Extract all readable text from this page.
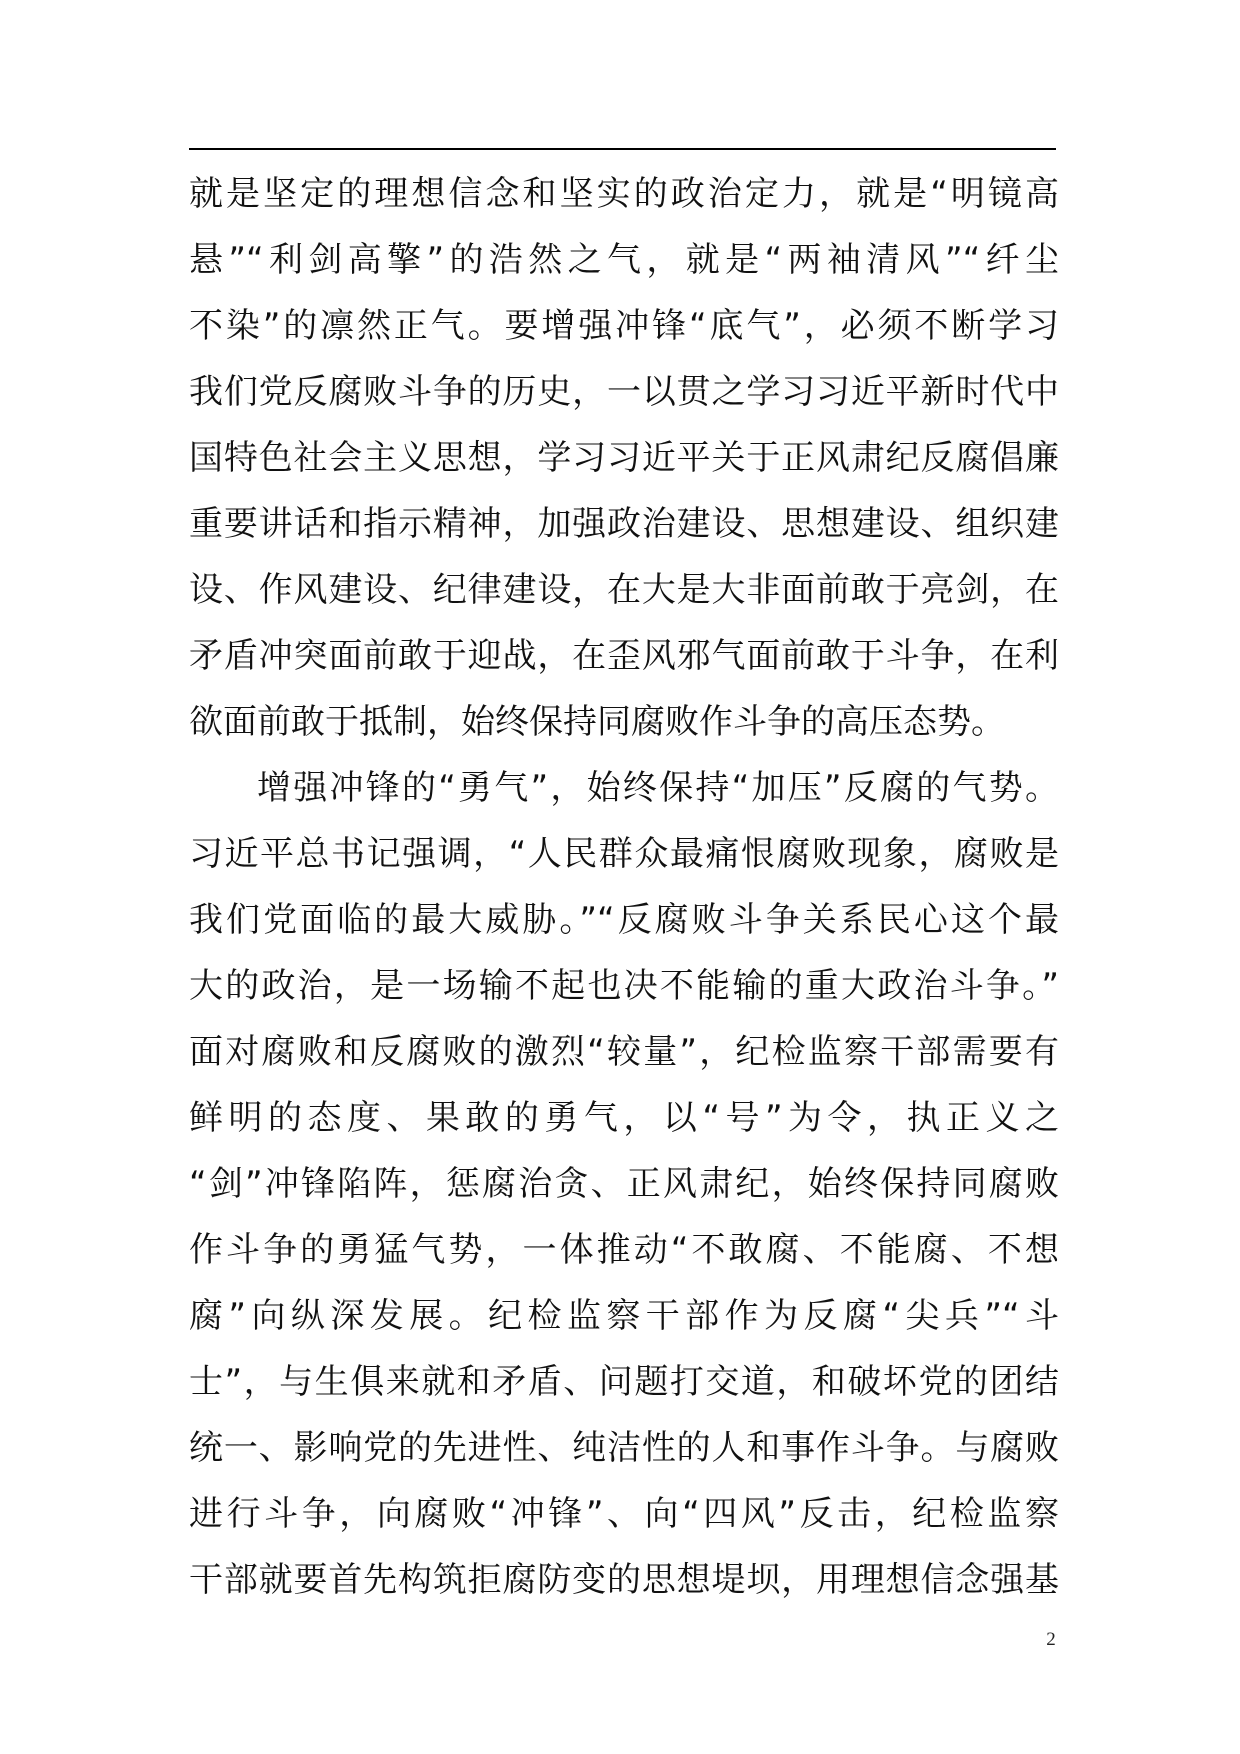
就是坚定的理想信念和坚实的政治定力，就是“明镜高
悬”“利剑高擎”的浩然之气，就是“两袖清风”“纤尘
不染”的凛然正气。要增强冲锋“底气”，必须不断学习
我们党反腐败斗争的历史，一以贯之学习习近平新时代中
国特色社会主义思想，学习习近平关于正风肃纪反腐倡廉
重要讲话和指示精神，加强政治建设、思想建设、组织建
设、作风建设、纪律建设，在大是大非面前敢于亮剑，在
矛盾冲突面前敢于迎战，在歪风邪气面前敢于斗争，在利
欲面前敢于抵制，始终保持同腐败作斗争的高压态势。
增强冲锋的“勇气”，始终保持“加压”反腐的气势。
习近平总书记强调，“人民群众最痛恨腐败现象，腐败是
我们党面临的最大威胁。”“反腐败斗争关系民心这个最
大的政治，是一场输不起也决不能输的重大政治斗争。”
面对腐败和反腐败的激烈“较量”，纪检监察干部需要有
鲜明的态度、果敢的勇气，以“号”为令，执正义之
“剑”冲锋陷阵，惩腐治贪、正风肃纪，始终保持同腐败
作斗争的勇猛气势，一体推动“不敢腐、不能腐、不想
腐”向纵深发展。纪检监察干部作为反腐“尖兵”“斗
士”，与生俱来就和矛盾、问题打交道，和破坏党的团结
统一、影响党的先进性、纯洁性的人和事作斗争。与腐败
进行斗争，向腐败“冲锋”、向“四风”反击，纪检监察
干部就要首先构筑拒腐防变的思想堤坝，用理想信念强基
2
